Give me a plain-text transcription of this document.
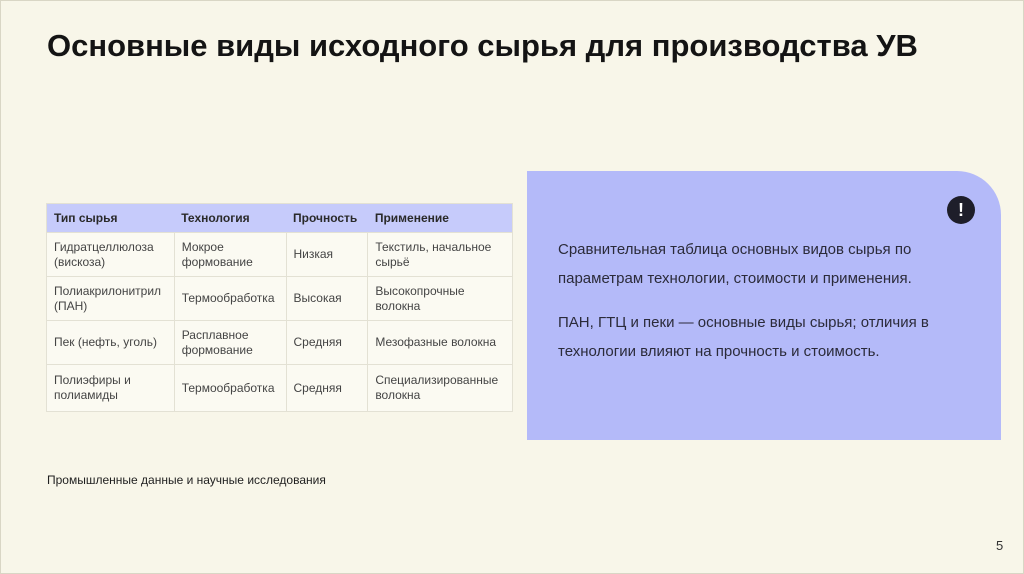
Основные виды исходного сырья для производства УВ
Тип сырья	Технология	Прочность	Применение
Гидратцеллюлоза (вискоза)	Мокрое формование	Низкая	Текстиль, начальное сырьё
Полиакрилонитрил (ПАН)	Термообработка	Высокая	Высокопрочные волокна
Пек (нефть, уголь)	Расплавное формование	Средняя	Мезофазные волокна
Полиэфиры и полиамиды	Термообработка	Средняя	Специализированные волокна
!

Сравнительная таблица основных видов сырья по параметрам технологии, стоимости и применения.

ПАН, ГТЦ и пеки — основные виды сырья; отличия в технологии влияют на прочность и стоимость.

Промышленные данные и научные исследования
5
